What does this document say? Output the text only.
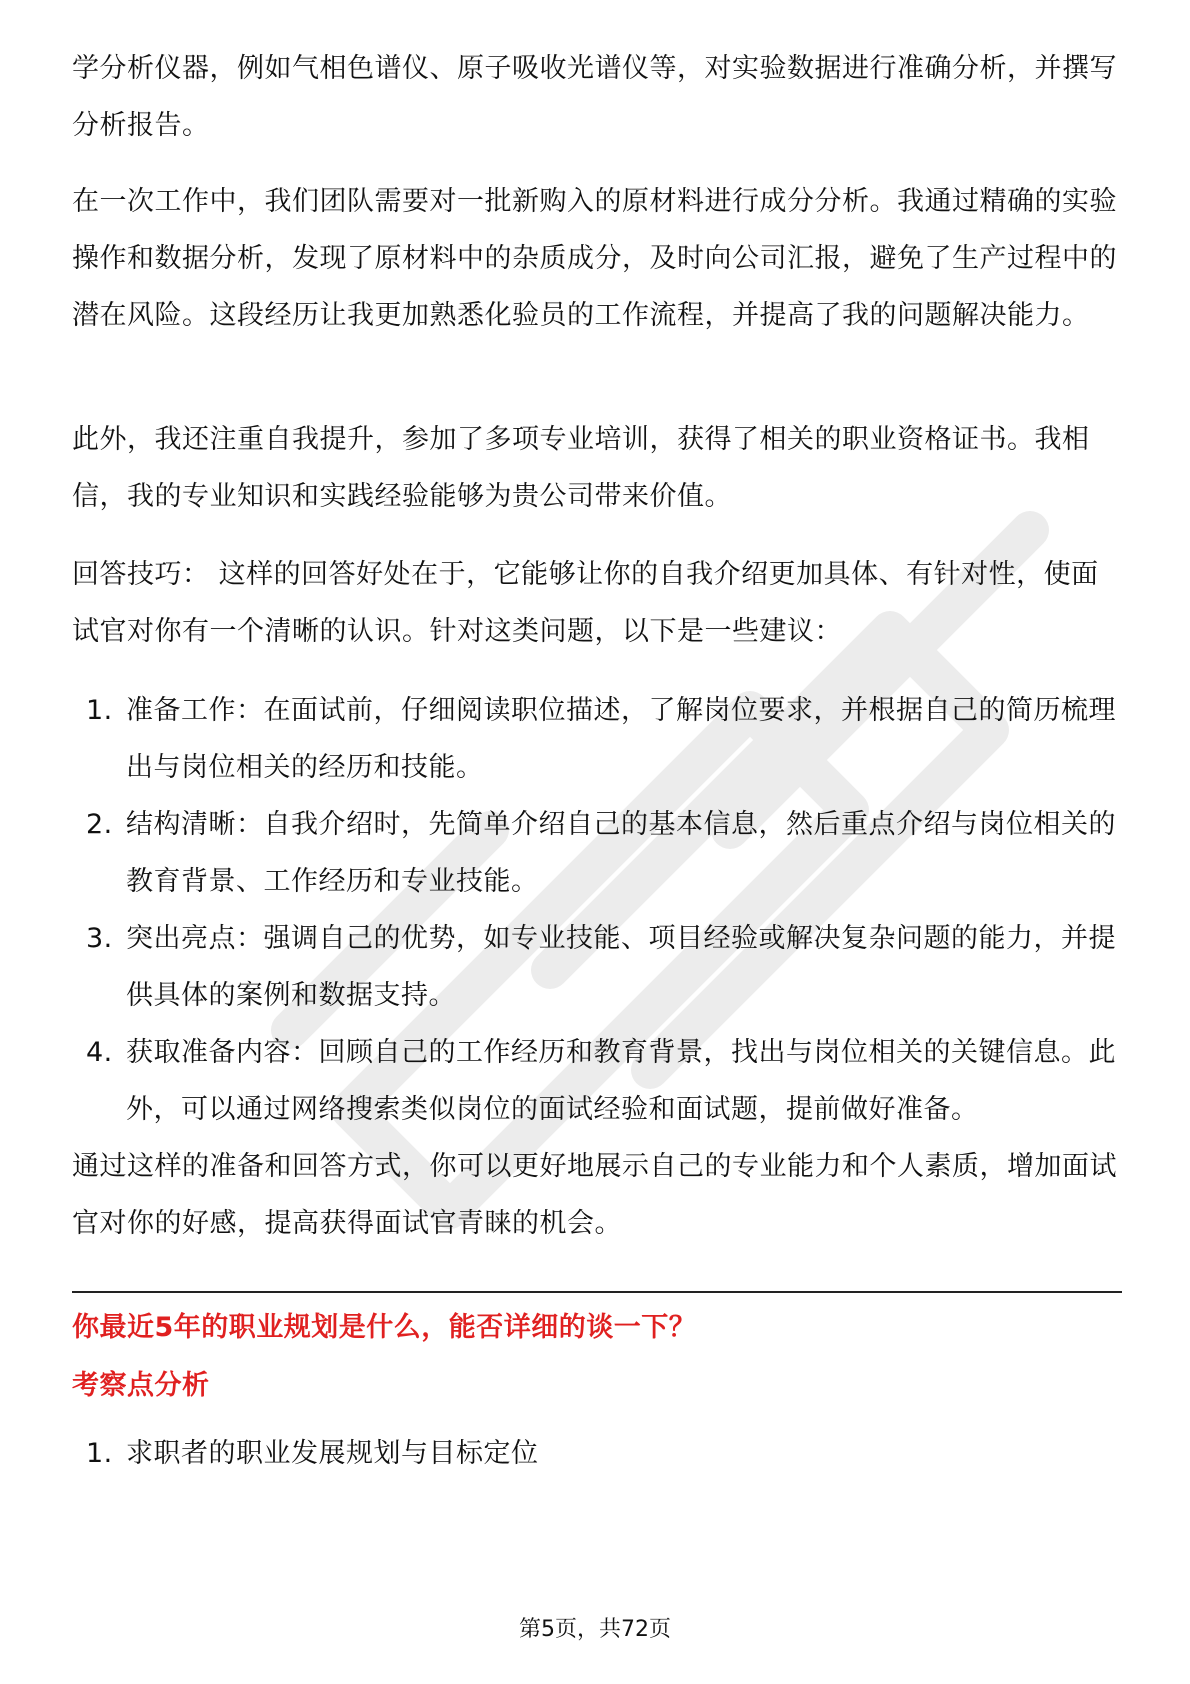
学分析仪器，例如气相色谱仪、原子吸收光谱仪等，对实验数据进行准确分析，并撰写分析报告。

在一次工作中，我们团队需要对一批新购入的原材料进行成分分析。我通过精确的实验操作和数据分析，发现了原材料中的杂质成分，及时向公司汇报，避免了生产过程中的潜在风险。这段经历让我更加熟悉化验员的工作流程，并提高了我的问题解决能力。

此外，我还注重自我提升，参加了多项专业培训，获得了相关的职业资格证书。我相信，我的专业知识和实践经验能够为贵公司带来价值。

回答技巧： 这样的回答好处在于，它能够让你的自我介绍更加具体、有针对性，使面试官对你有一个清晰的认识。针对这类问题，以下是一些建议：

1. 准备工作：在面试前，仔细阅读职位描述，了解岗位要求，并根据自己的简历梳理出与岗位相关的经历和技能。
2. 结构清晰：自我介绍时，先简单介绍自己的基本信息，然后重点介绍与岗位相关的教育背景、工作经历和专业技能。
3. 突出亮点：强调自己的优势，如专业技能、项目经验或解决复杂问题的能力，并提供具体的案例和数据支持。
4. 获取准备内容：回顾自己的工作经历和教育背景，找出与岗位相关的关键信息。此外，可以通过网络搜索类似岗位的面试经验和面试题，提前做好准备。

通过这样的准备和回答方式，你可以更好地展示自己的专业能力和个人素质，增加面试官对你的好感，提高获得面试官青睐的机会。

你最近5年的职业规划是什么，能否详细的谈一下？
考察点分析
1. 求职者的职业发展规划与目标定位
第5页，共72页
